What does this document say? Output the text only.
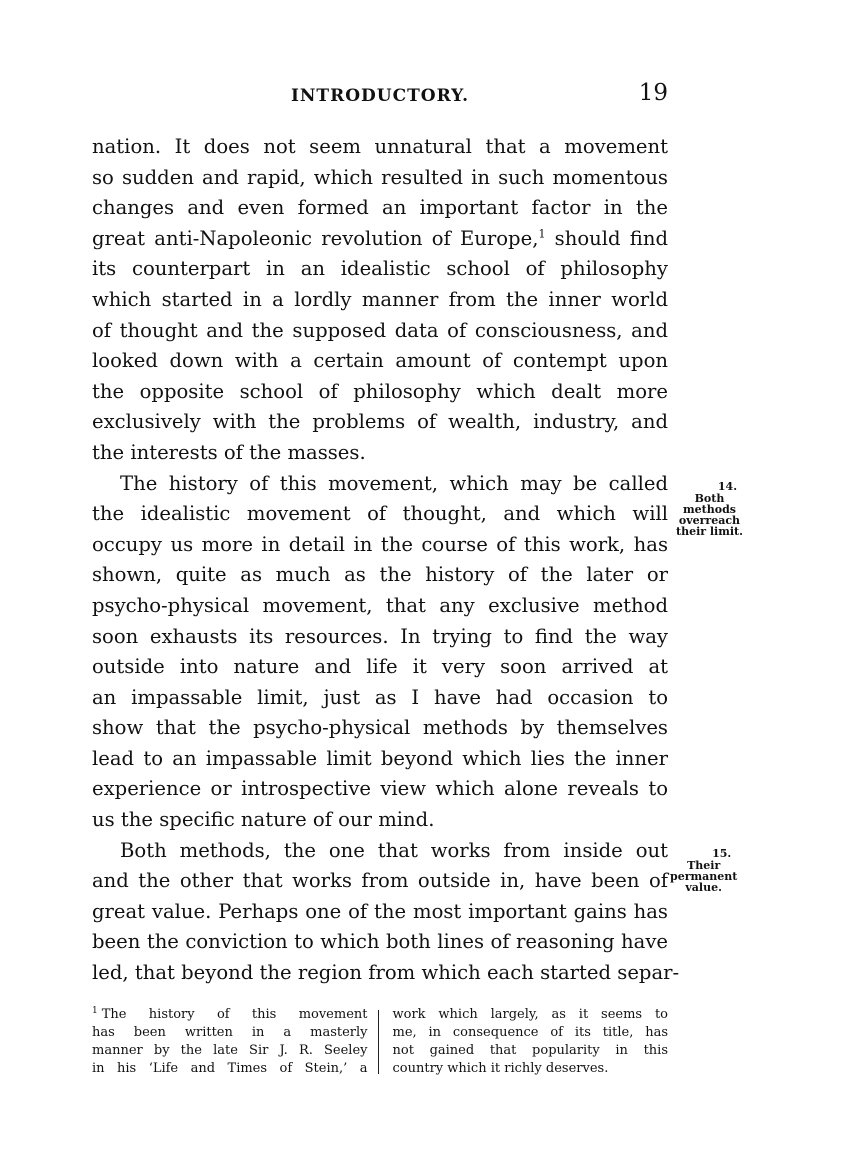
INTRODUCTORY.	19
nation. It does not seem unnatural that a movement
so sudden and rapid, which resulted in such momentous
changes and even formed an important factor in the
great anti-Napoleonic revolution of Europe,$^1$ should find
its counterpart in an idealistic school of philosophy
which started in a lordly manner from the inner world
of thought and the supposed data of consciousness, and
looked down with a certain amount of contempt upon
the opposite school of philosophy which dealt more
exclusively with the problems of wealth, industry, and
the interests of the masses.
The history of this movement, which may be called
the idealistic movement of thought, and which will
occupy us more in detail in the course of this work, has
shown, quite as much as the history of the later or
psycho-physical movement, that any exclusive method
soon exhausts its resources. In trying to find the way
outside into nature and life it very soon arrived at
an impassable limit, just as I have had occasion to
show that the psycho-physical methods by themselves
lead to an impassable limit beyond which lies the inner
experience or introspective view which alone reveals to
us the specific nature of our mind.
Both methods, the one that works from inside out
and the other that works from outside in, have been of
great value. Perhaps one of the most important gains has
been the conviction to which both lines of reasoning have
led, that beyond the region from which each started separ-
14.
Both
methods
overreach
their limit.
15.
Their
permanent
value.
$^1$ The history of this movement
has been written in a masterly
manner by the late Sir J. R. Seeley
in his ‘Life and Times of Stein,’ a
work which largely, as it seems to
me, in consequence of its title, has
not gained that popularity in this
country which it richly deserves.
